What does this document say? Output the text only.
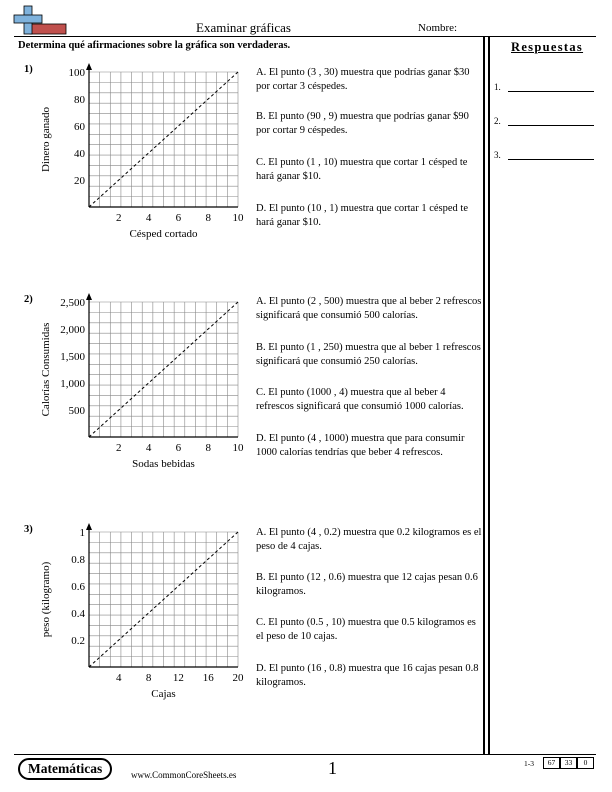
Examinar gráficas	Nombre:
Determina qué afirmaciones sobre la gráfica son verdaderas.	Respuestas
1.
2.
3.
1)
2 4 6 8 10
20
40
60
80
100
Césped cortado
Dinero ganado
A. El punto (3 , 30) muestra que podrías ganar $30 por cortar 3 céspedes.
B. El punto (90 , 9) muestra que podrías ganar $90 por cortar 9 céspedes.
C. El punto (1 , 10) muestra que cortar 1 césped te hará ganar $10.
D. El punto (10 , 1) muestra que cortar 1 césped te hará ganar $10.
2)
2 4 6 8 10
500
1,000
1,500
2,000
2,500
Sodas bebidas
Calorías Consumidas
A. El punto (2 , 500) muestra que al beber 2 refrescos significará que consumió 500 calorías.
B. El punto (1 , 250) muestra que al beber 1 refrescos significará que consumió 250 calorías.
C. El punto (1000 , 4) muestra que al beber 4 refrescos significará que consumió 1000 calorías.
D. El punto (4 , 1000) muestra que para consumir 1000 calorías tendrías que beber 4 refrescos.
3)
4 8 12 16 20
0.2
0.4
0.6
0.8
1
Cajas
peso (kilogramo)
A. El punto (4 , 0.2) muestra que 0.2 kilogramos es el peso de 4 cajas.
B. El punto (12 , 0.6) muestra que 12 cajas pesan 0.6 kilogramos.
C. El punto (0.5 , 10) muestra que 0.5 kilogramos es el peso de 10 cajas.
D. El punto (16 , 0.8) muestra que 16 cajas pesan 0.8 kilogramos.
Matemáticas	www.CommonCoreSheets.es	1	1-3	67	33	0
